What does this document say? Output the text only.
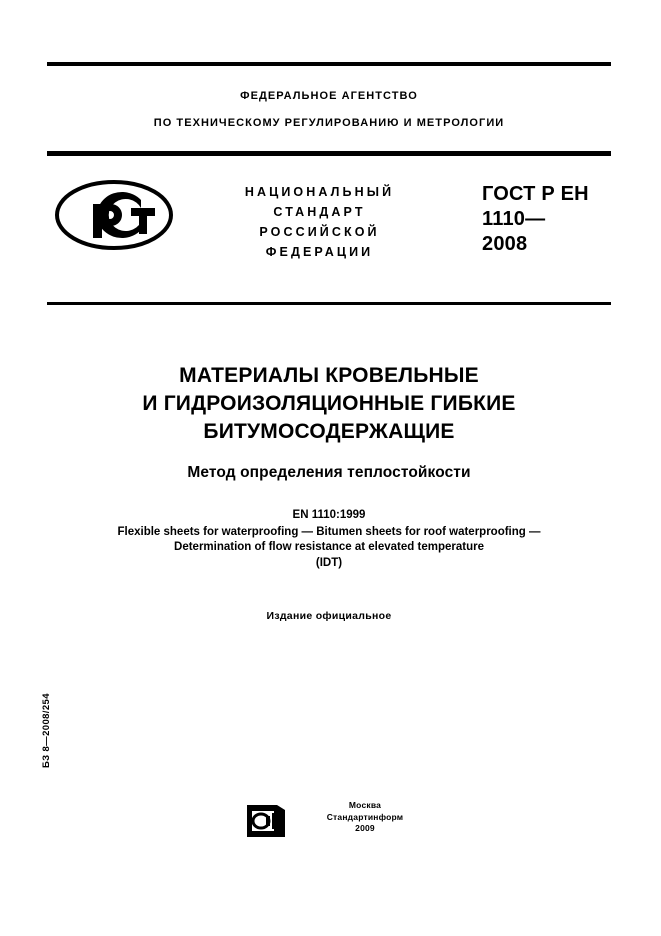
ФЕДЕРАЛЬНОЕ АГЕНТСТВО
ПО ТЕХНИЧЕСКОМУ РЕГУЛИРОВАНИЮ И МЕТРОЛОГИИ
НАЦИОНАЛЬНЫЙ
СТАНДАРТ
РОССИЙСКОЙ
ФЕДЕРАЦИИ
ГОСТ Р ЕН
1110—
2008
МАТЕРИАЛЫ КРОВЕЛЬНЫЕ
И ГИДРОИЗОЛЯЦИОННЫЕ ГИБКИЕ
БИТУМОСОДЕРЖАЩИЕ
Метод определения теплостойкости
EN 1110:1999
Flexible sheets for waterproofing — Bitumen sheets for roof waterproofing —
Determination of flow resistance at elevated temperature
(IDT)
Издание официальное
БЗ 8—2008/254
Москва
Стандартинформ
2009
